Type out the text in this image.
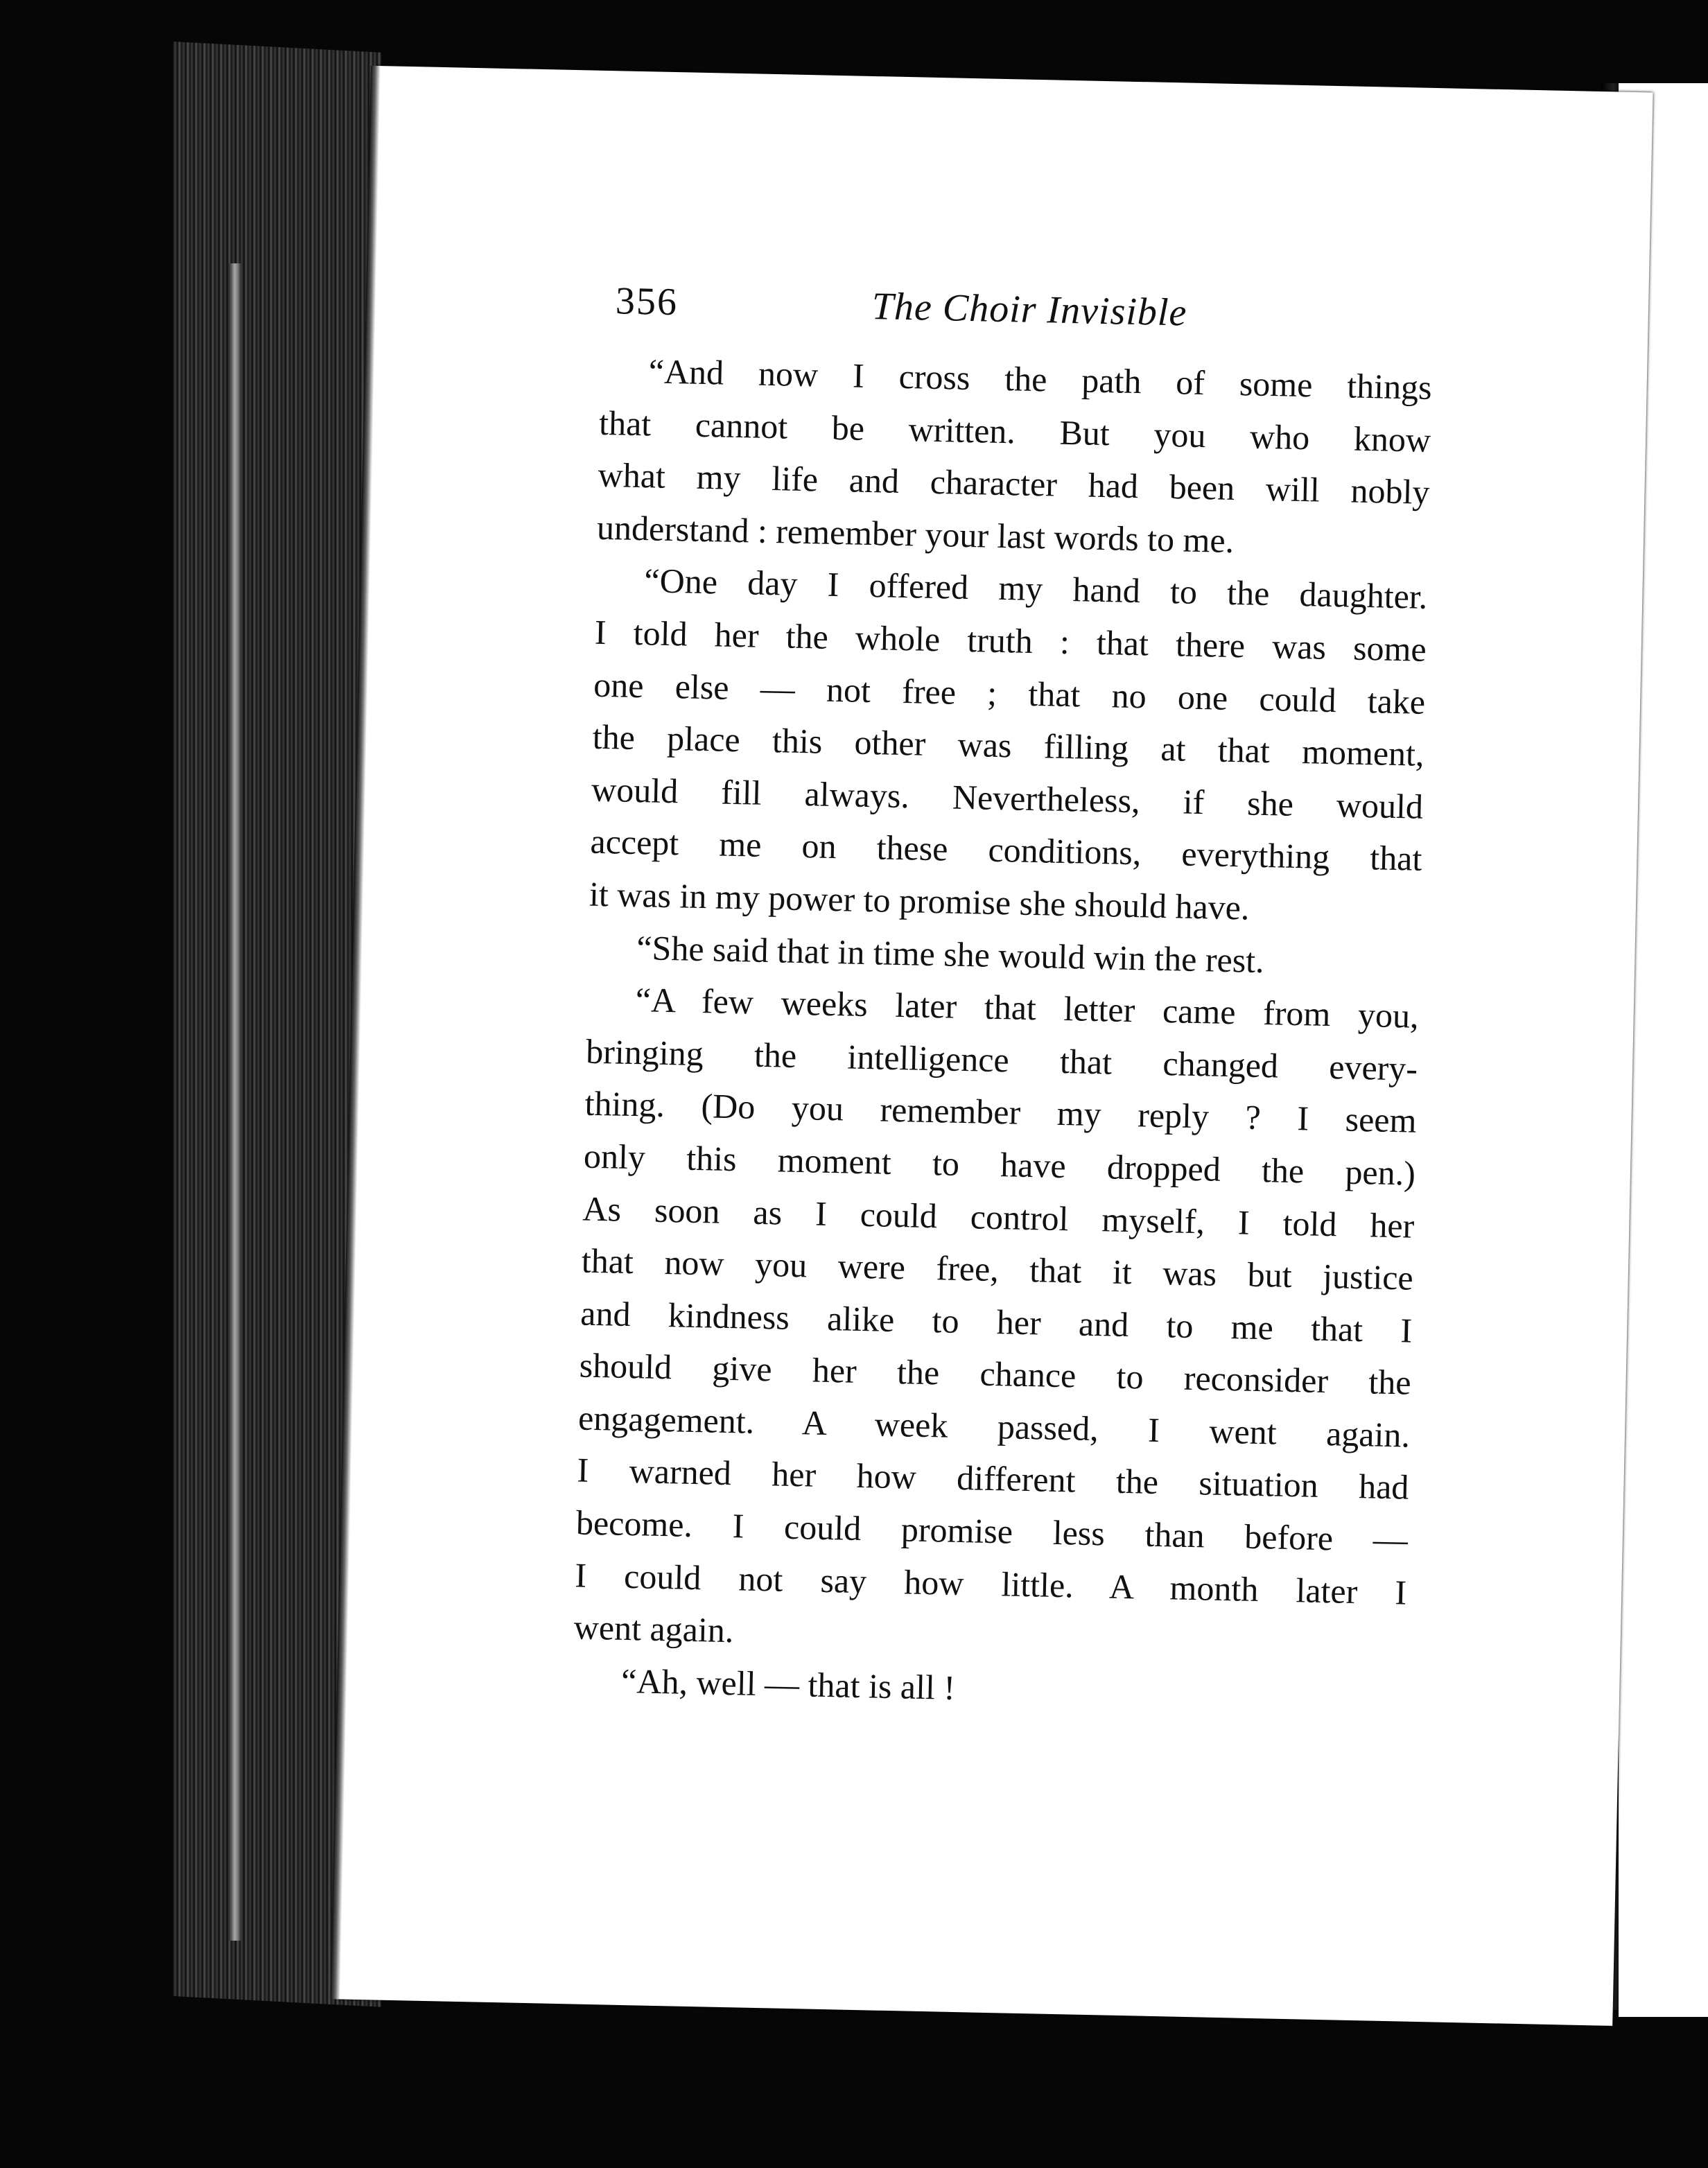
356	The Choir Invisible
“And now I cross the path of some things
that cannot be written. But you who know
what my life and character had been will nobly
understand : remember your last words to me.
“One day I offered my hand to the daughter.
I told her the whole truth : that there was some
one else — not free ; that no one could take
the place this other was filling at that moment,
would fill always. Nevertheless, if she would
accept me on these conditions, everything that
it was in my power to promise she should have.
“She said that in time she would win the rest.
“A few weeks later that letter came from you,
bringing the intelligence that changed every-
thing. (Do you remember my reply ? I seem
only this moment to have dropped the pen.)
As soon as I could control myself, I told her
that now you were free, that it was but justice
and kindness alike to her and to me that I
should give her the chance to reconsider the
engagement. A week passed, I went again.
I warned her how different the situation had
become. I could promise less than before —
I could not say how little. A month later I
went again.
“Ah, well — that is all !
